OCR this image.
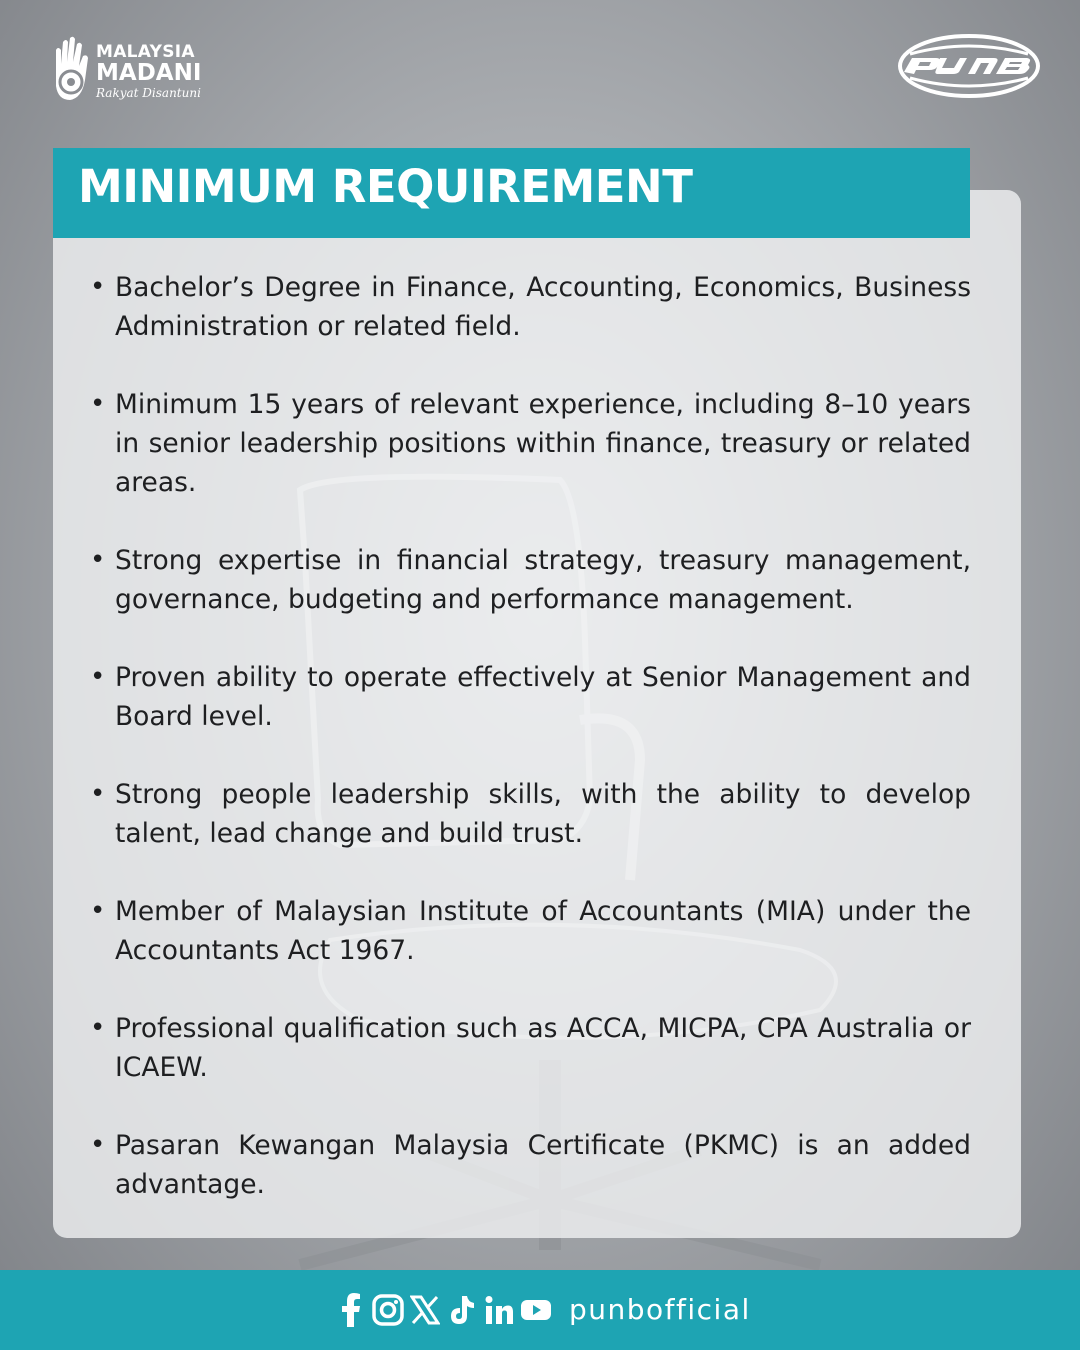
MALAYSIA
MADANI
Rakyat Disantuni
MINIMUM REQUIREMENT
• Bachelor’s Degree in Finance, Accounting, Economics, Business Administration or related field.
• Minimum 15 years of relevant experience, including 8–10 years in senior leadership positions within finance, treasury or related areas.
• Strong expertise in financial strategy, treasury management, governance, budgeting and performance management.
• Proven ability to operate effectively at Senior Management and Board level.
• Strong people leadership skills, with the ability to develop talent, lead change and build trust.
• Member of Malaysian Institute of Accountants (MIA) under the Accountants Act 1967.
• Professional qualification such as ACCA, MICPA, CPA Australia or ICAEW.
• Pasaran Kewangan Malaysia Certificate (PKMC) is an added advantage.
punbofficial
